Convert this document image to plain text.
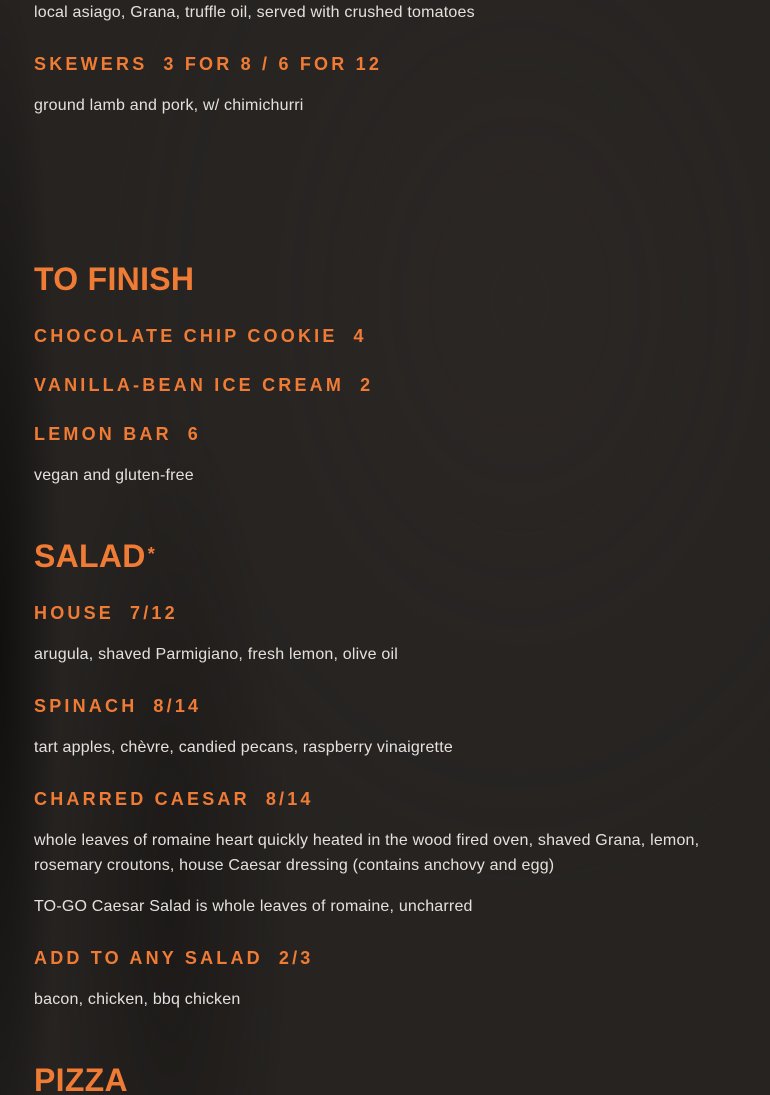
local asiago, Grana, truffle oil, served with crushed tomatoes

SKEWERS 3 FOR 8 / 6 FOR 12

ground lamb and pork, w/ chimichurri

TO FINISH

CHOCOLATE CHIP COOKIE 4

VANILLA-BEAN ICE CREAM 2

LEMON BAR 6

vegan and gluten-free

SALAD *

HOUSE 7/12

arugula, shaved Parmigiano, fresh lemon, olive oil

SPINACH 8/14

tart apples, chèvre, candied pecans, raspberry vinaigrette

CHARRED CAESAR 8/14

whole leaves of romaine heart quickly heated in the wood fired oven, shaved Grana, lemon, rosemary croutons, house Caesar dressing (contains anchovy and egg)

TO-GO Caesar Salad is whole leaves of romaine, uncharred

ADD TO ANY SALAD 2/3

bacon, chicken, bbq chicken

PIZZA
